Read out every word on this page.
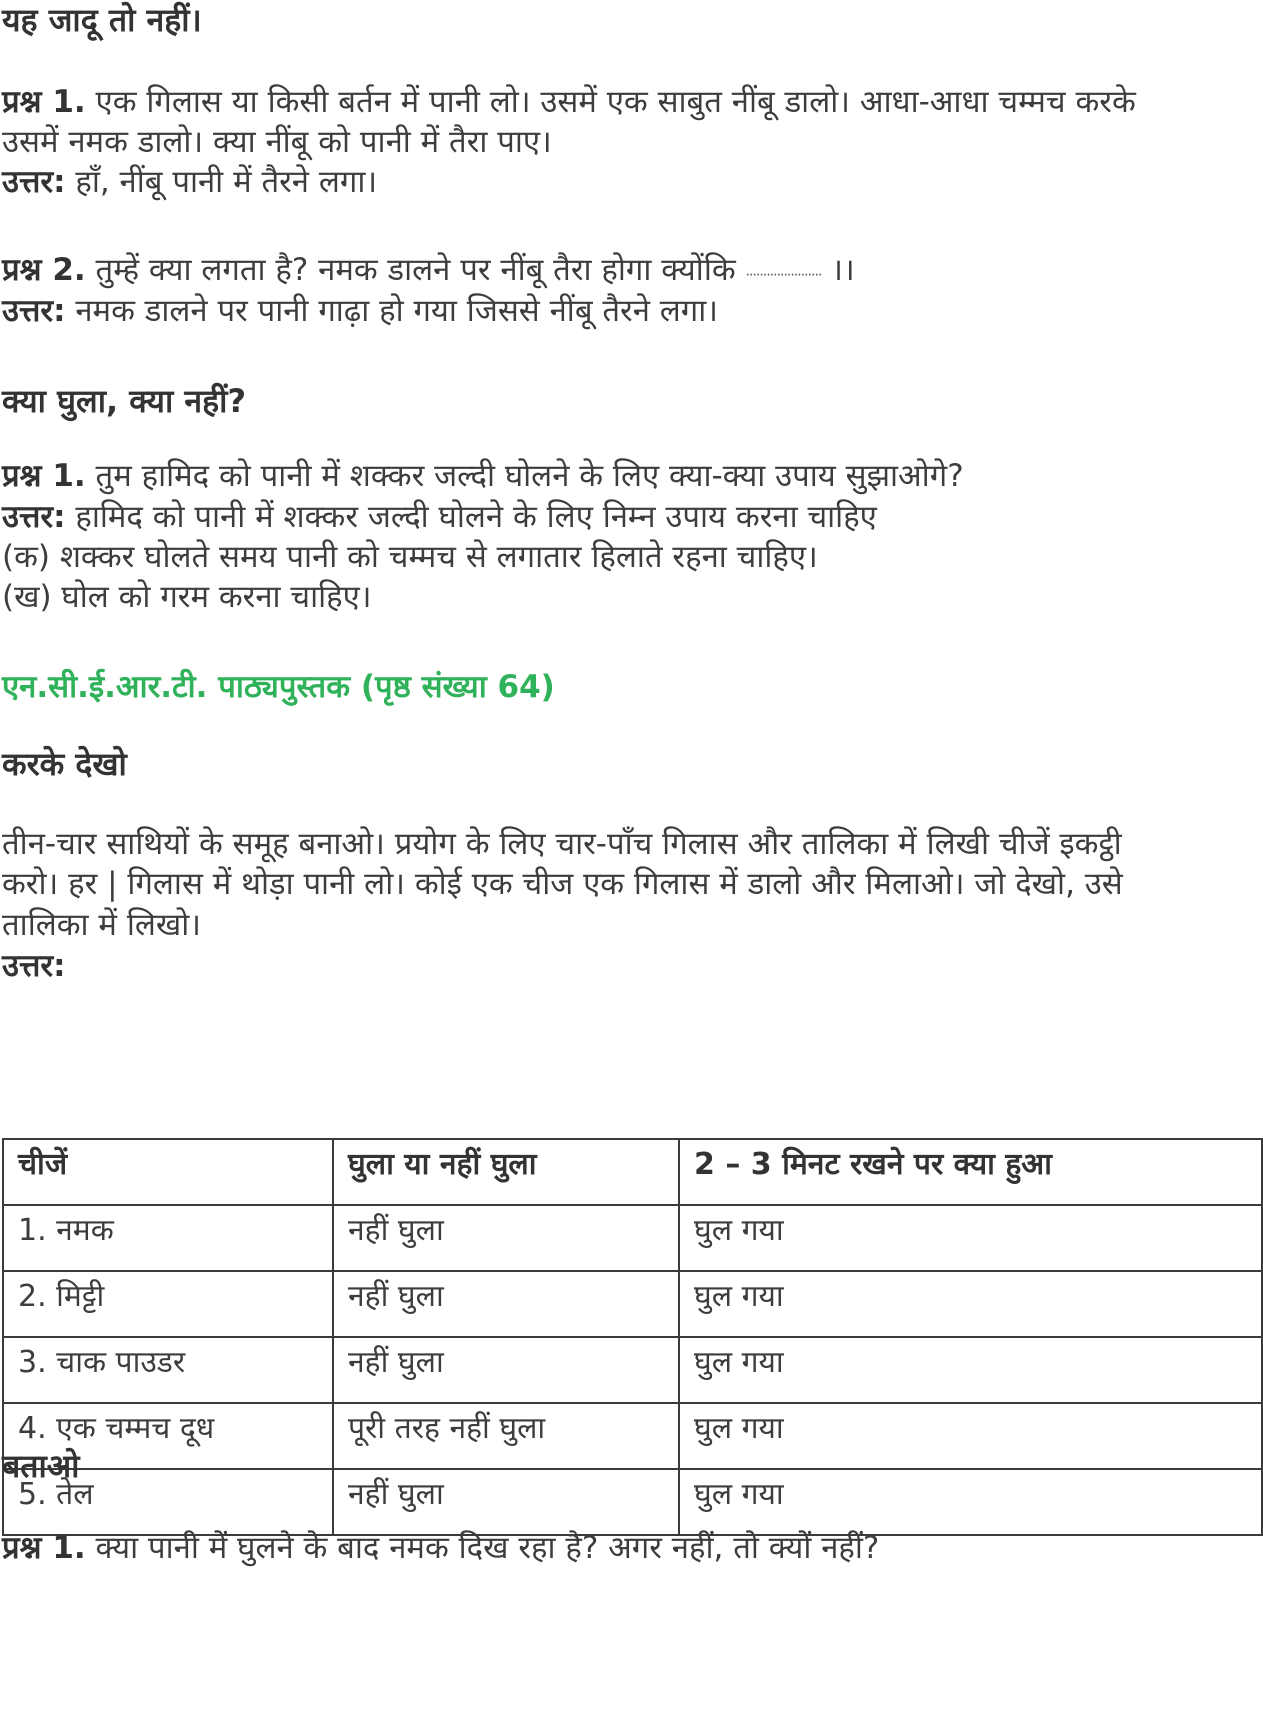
यह जादू तो नहीं।
प्रश्न 1. एक गिलास या किसी बर्तन में पानी लो। उसमें एक साबुत नींबू डालो। आधा-आधा चम्मच करके
उसमें नमक डालो। क्या नींबू को पानी में तैरा पाए।
उत्तर: हाँ, नींबू पानी में तैरने लगा।
प्रश्न 2. तुम्हें क्या लगता है? नमक डालने पर नींबू तैरा होगा क्योंकि ...................... ।।
उत्तर: नमक डालने पर पानी गाढ़ा हो गया जिससे नींबू तैरने लगा।
क्या घुला, क्या नहीं?
प्रश्न 1. तुम हामिद को पानी में शक्कर जल्दी घोलने के लिए क्या-क्या उपाय सुझाओगे?
उत्तर: हामिद को पानी में शक्कर जल्दी घोलने के लिए निम्न उपाय करना चाहिए
(क) शक्कर घोलते समय पानी को चम्मच से लगातार हिलाते रहना चाहिए।
(ख) घोल को गरम करना चाहिए।
एन.सी.ई.आर.टी. पाठ्यपुस्तक (पृष्ठ संख्या 64)
करके देखो
तीन-चार साथियों के समूह बनाओ। प्रयोग के लिए चार-पाँच गिलास और तालिका में लिखी चीजें इकट्ठी
करो। हर | गिलास में थोड़ा पानी लो। कोई एक चीज एक गिलास में डालो और मिलाओ। जो देखो, उसे
तालिका में लिखो।
उत्तर:
चीजें	घुला या नहीं घुला	2 – 3 मिनट रखने पर क्या हुआ
1. नमक	नहीं घुला	घुल गया
2. मिट्टी	नहीं घुला	घुल गया
3. चाक पाउडर	नहीं घुला	घुल गया
4. एक चम्मच दूध	पूरी तरह नहीं घुला	घुल गया
5. तेल	नहीं घुला	घुल गया
बताओ
प्रश्न 1. क्या पानी में घुलने के बाद नमक दिख रहा है? अगर नहीं, तो क्यों नहीं?
